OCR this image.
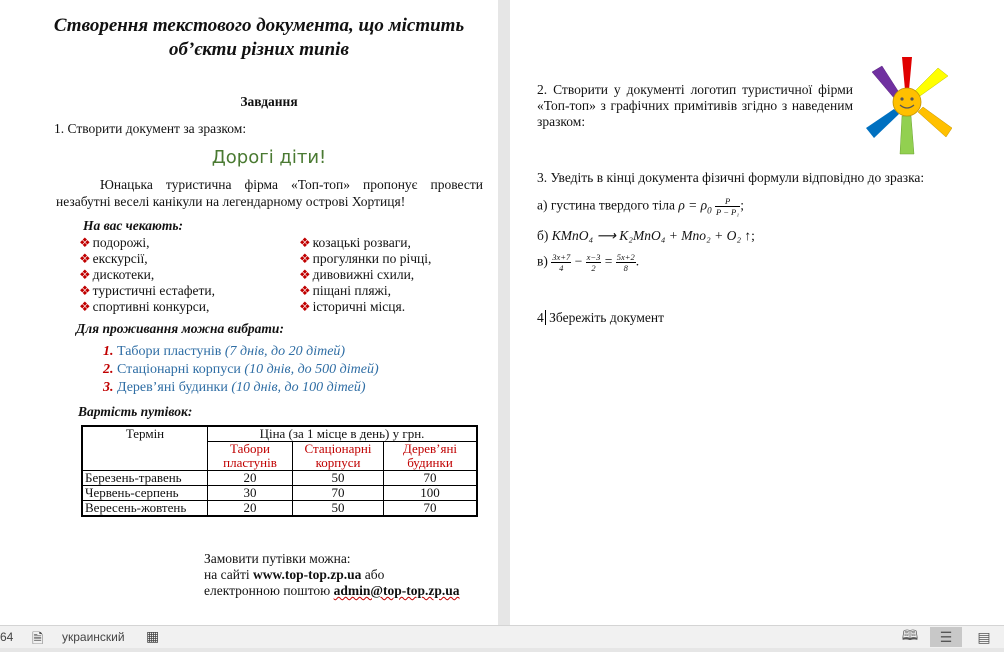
Створення текстового документа, що містить об’єкти різних типів
Завдання
1. Створити документ за зразком:
Дорогі діти!
Юнацька туристична фірма «Топ-топ» пропонує провести незабутні веселі канікули на легендарному острові Хортиця!
На вас чекають:
❖ подорожі,
❖ екскурсії,
❖ дискотеки,
❖ туристичні естафети,
❖ спортивні конкурси,
❖ козацькі розваги,
❖ прогулянки по річці,
❖ дивовижні схили,
❖ піщані пляжі,
❖ історичні місця.
Для проживання можна вибрати:
1. Табори пластунів (7 днів, до 20 дітей)
2. Стаціонарні корпуси (10 днів, до 500 дітей)
3. Дерев’яні будинки (10 днів, до 100 дітей)
Вартість путівок:
Термін	Ціна (за 1 місце в день) у грн.		
	Табори пластунів	Стаціонарні корпуси	Дерев’яні будинки
Березень-травень	20	50	70
Червень-серпень	30	70	100
Вересень-жовтень	20	50	70
Замовити путівки можна:
на сайті www.top-top.zp.ua або
електронною поштою admin@top-top.zp.ua
2. Створити у документі логотип туристичної фірми «Топ-топ» з графічних примітивів згідно з наведеним зразком:
3. Уведіть в кінці документа фізичні формули відповідно до зразка:
а) густина твердого тіла $\rho = \rho_0 \frac{P}{\text{P − P₁}}$ ;
б) KMnO₄ ⟶ K₂MnO₄ + Mno₂ + O₂ ↑;
$в) \frac{3x+7}{4} - \frac{x-3}{2} = \frac{5x+2}{8}$ .
4 Збережіть документ
64 🗎 украинский ▦	🕮	☰	▤
